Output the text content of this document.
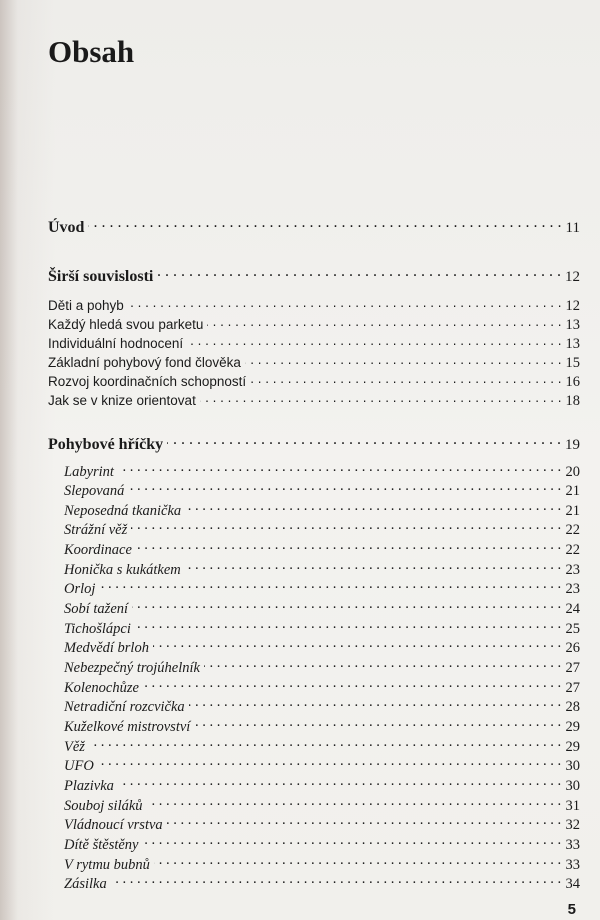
Obsah
Úvod . . .	11
Širší souvislosti . . .	12
Děti a pohyb . . .	12
Každý hledá svou parketu . . .	13
Individuální hodnocení . . .	13
Základní pohybový fond člověka . . .	15
Rozvoj koordinačních schopností . . .	16
Jak se v knize orientovat . . .	18
Pohybové hříčky . . .	19
Labyrint . . .	20
Slepovaná . . .	21
Neposedná tkanička . . .	21
Strážní věž . . .	22
Koordinace . . .	22
Honička s kukátkem . . .	23
Orloj . . .	23
Sobí tažení . . .	24
Tichošlápci . . .	25
Medvědí brloh . . .	26
Nebezpečný trojúhelník . . .	27
Kolenochůze . . .	27
Netradiční rozcvička . . .	28
Kuželkové mistrovství . . .	29
Věž . . .	29
UFO . . .	30
Plazivka . . .	30
Souboj siláků . . .	31
Vládnoucí vrstva . . .	32
Dítě štěstěny . . .	33
V rytmu bubnů . . .	33
Zásilka . . .	34
5
